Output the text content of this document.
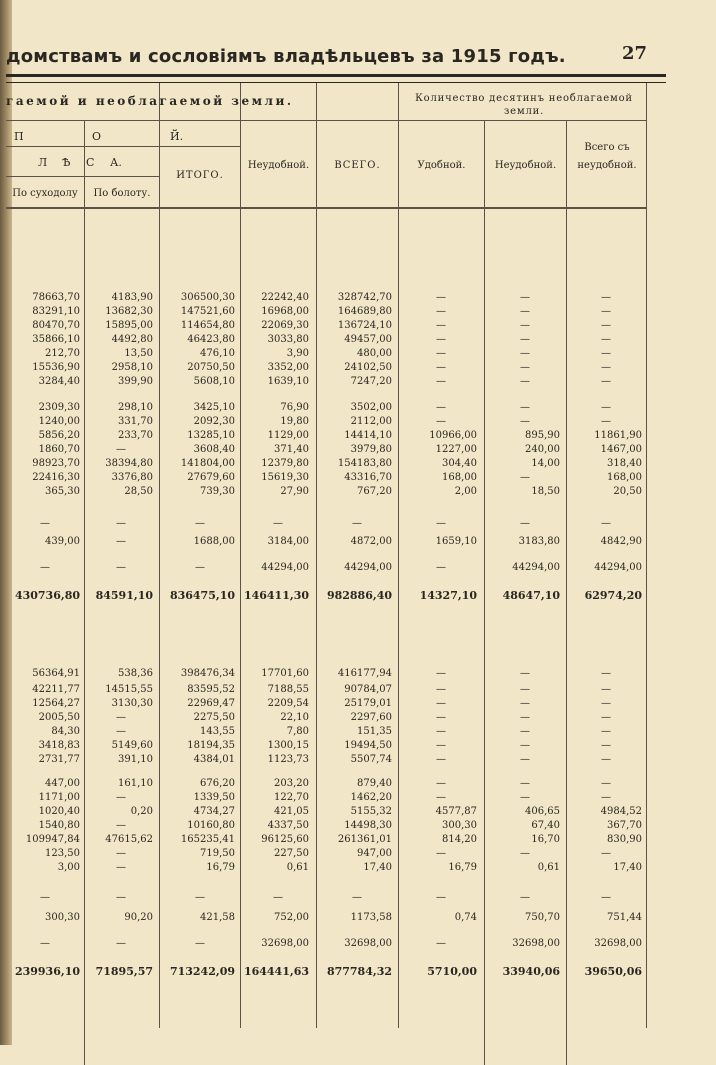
домствамъ и сословіямъ владѣльцевъ за 1915 годъ.	27
гаемой и необлагаемой земли.	Количество десятинъ необлагаемой земли.
П	О	Й.
Л Ѣ С А.
По суходолу	По болоту.
ИТОГО.
Неудобной.	ВСЕГО.	Удобной.	Неудобной.
Всего съ неудобной.
78663,70	4183,90	306500,30	22242,40	328742,70	—	—	—
83291,10	13682,30	147521,60	16968,00	164689,80	—	—	—
80470,70	15895,00	114654,80	22069,30	136724,10	—	—	—
35866,10	4492,80	46423,80	3033,80	49457,00	—	—	—
212,70	13,50	476,10	3,90	480,00	—	—	—
15536,90	2958,10	20750,50	3352,00	24102,50	—	—	—
3284,40	399,90	5608,10	1639,10	7247,20	—	—	—
2309,30	298,10	3425,10	76,90	3502,00	—	—	—
1240,00	331,70	2092,30	19,80	2112,00	—	—	—
5856,20	233,70	13285,10	1129,00	14414,10	10966,00	895,90	11861,90
1860,70	—	3608,40	371,40	3979,80	1227,00	240,00	1467,00
98923,70	38394,80	141804,00	12379,80	154183,80	304,40	14,00	318,40
22416,30	3376,80	27679,60	15619,30	43316,70	168,00	—	168,00
365,30	28,50	739,30	27,90	767,20	2,00	18,50	20,50
—	—	—	—	—	—	—	—
439,00	—	1688,00	3184,00	4872,00	1659,10	3183,80	4842,90
—	—	—	44294,00	44294,00	—	44294,00	44294,00
430736,80	84591,10	836475,10 146411,30	982886,40	14327,10	48647,10	62974,20
56364,91	538,36	398476,34	17701,60	416177,94	—	—	—
42211,77	14515,55	83595,52	7188,55	90784,07	—	—	—
12564,27	3130,30	22969,47	2209,54	25179,01	—	—	—
2005,50	—	2275,50	22,10	2297,60	—	—	—
84,30	—	143,55	7,80	151,35	—	—	—
3418,83	5149,60	18194,35	1300,15	19494,50	—	—	—
2731,77	391,10	4384,01	1123,73	5507,74	—	—	—
447,00	161,10	676,20	203,20	879,40	—	—	—
1171,00	—	1339,50	122,70	1462,20	—	—	—
1020,40	0,20	4734,27	421,05	5155,32	4577,87	406,65	4984,52
1540,80	—	10160,80	4337,50	14498,30	300,30	67,40	367,70
109947,84	47615,62	165235,41	96125,60	261361,01	814,20	16,70	830,90
123,50	—	719,50	227,50	947,00	—	—	—
3,00	—	16,79	0,61	17,40	16,79	0,61	17,40
—	—	—	—	—	—	—	—
300,30	90,20	421,58	752,00	1173,58	0,74	750,70	751,44
—	—	—	32698,00	32698,00	—	32698,00	32698,00
239936,10	71895,57	713242,09 164441,63	877784,32	5710,00	33940,06	39650,06
